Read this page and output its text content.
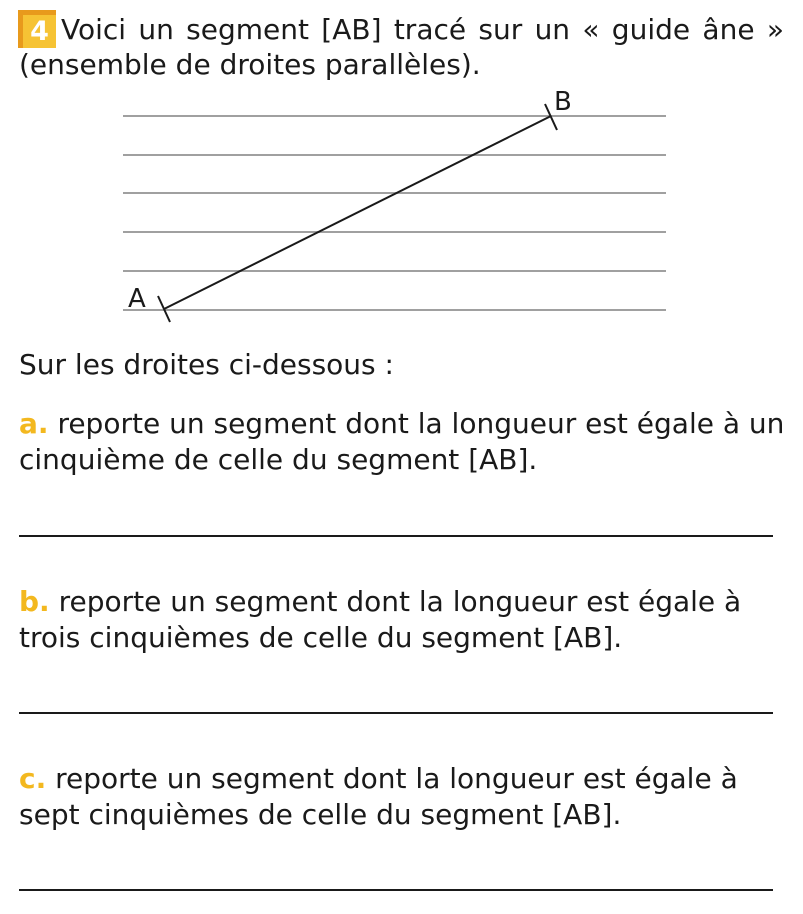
4 Voici un segment [AB] tracé sur un « guide âne » (ensemble de droites parallèles).

A
B

Sur les droites ci-dessous :

a. reporte un segment dont la longueur est égale à un cinquième de celle du segment [AB].

b. reporte un segment dont la longueur est égale à trois cinquièmes de celle du segment [AB].

c. reporte un segment dont la longueur est égale à sept cinquièmes de celle du segment [AB].
